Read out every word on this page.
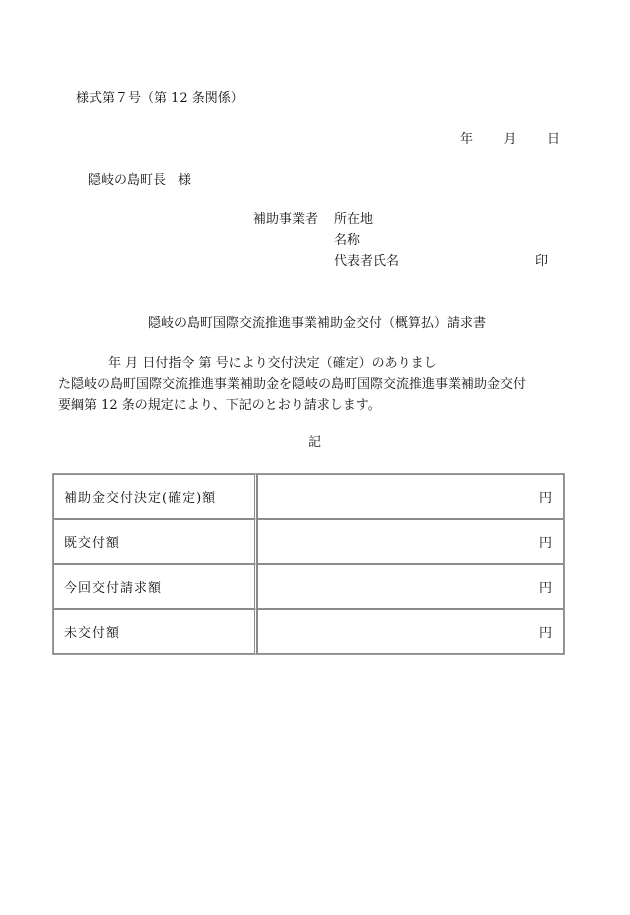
様式第７号（第 12 条関係）
年 月 日
隠岐の島町長 様
補助事業者 所在地
名称
代表者氏名	印
隠岐の島町国際交流推進事業補助金交付（概算払）請求書
年 月 日付指令 第 号により交付決定（確定）のありまし
た隠岐の島町国際交流推進事業補助金を隠岐の島町国際交流推進事業補助金交付
要綱第 12 条の規定により、下記のとおり請求します。
記
補助金交付決定(確定)額	円
既交付額	円
今回交付請求額	円
未交付額	円
